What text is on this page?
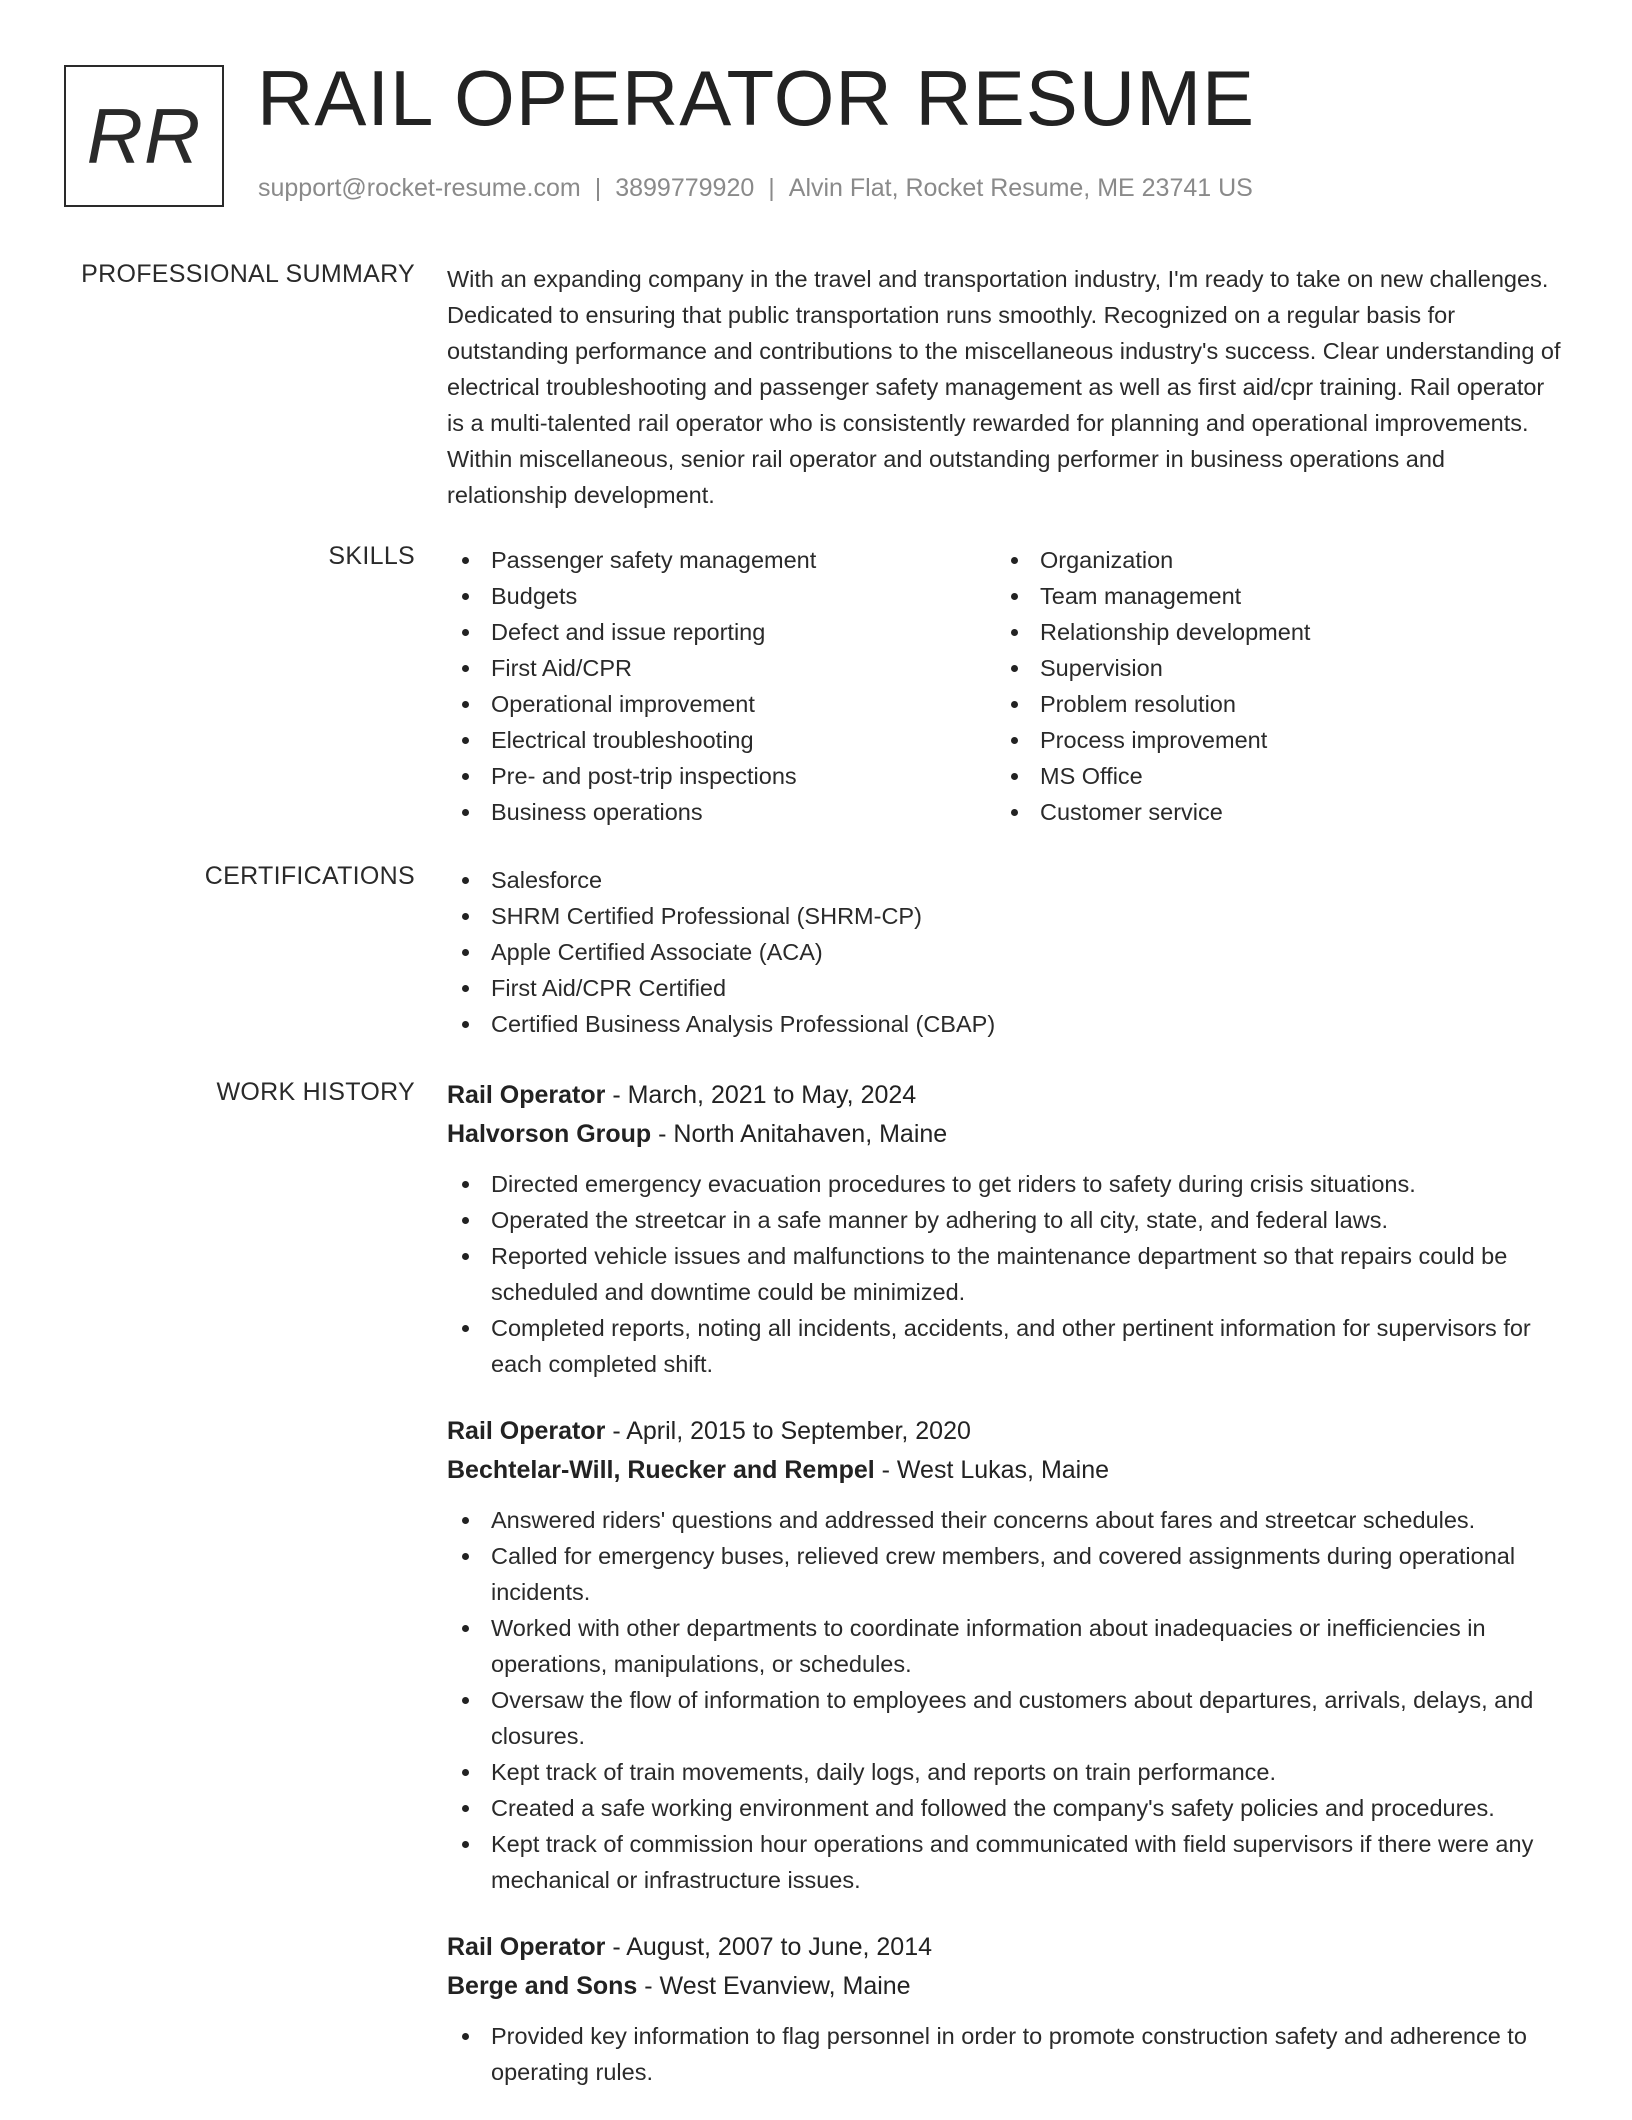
RR RAIL OPERATOR RESUME
support@rocket-resume.com | 3899779920 | Alvin Flat, Rocket Resume, ME 23741 US
PROFESSIONAL SUMMARY With an expanding company in the travel and transportation industry, I'm ready to take on new challenges. Dedicated to ensuring that public transportation runs smoothly. Recognized on a regular basis for outstanding performance and contributions to the miscellaneous industry's success. Clear understanding of electrical troubleshooting and passenger safety management as well as first aid/cpr training. Rail operator is a multi-talented rail operator who is consistently rewarded for planning and operational improvements. Within miscellaneous, senior rail operator and outstanding performer in business operations and relationship development.

SKILLS	Passenger safety management
Budgets
Defect and issue reporting
First Aid/CPR
Operational improvement
Electrical troubleshooting
Pre- and post-trip inspections
Business operations
Organization
Team management
Relationship development
Supervision
Problem resolution
Process improvement
MS Office
Customer service
CERTIFICATIONS	Salesforce
SHRM Certified Professional (SHRM-CP)
Apple Certified Associate (ACA)
First Aid/CPR Certified
Certified Business Analysis Professional (CBAP)
WORK HISTORY Rail Operator - March, 2021 to May, 2024
Halvorson Group - North Anitahaven, Maine
Directed emergency evacuation procedures to get riders to safety during crisis situations.
Operated the streetcar in a safe manner by adhering to all city, state, and federal laws.
Reported vehicle issues and malfunctions to the maintenance department so that repairs could be scheduled and downtime could be minimized.
Completed reports, noting all incidents, accidents, and other pertinent information for supervisors for each completed shift.
Rail Operator - April, 2015 to September, 2020
Bechtelar-Will, Ruecker and Rempel - West Lukas, Maine
Answered riders' questions and addressed their concerns about fares and streetcar schedules.
Called for emergency buses, relieved crew members, and covered assignments during operational incidents.
Worked with other departments to coordinate information about inadequacies or inefficiencies in operations, manipulations, or schedules.
Oversaw the flow of information to employees and customers about departures, arrivals, delays, and closures.
Kept track of train movements, daily logs, and reports on train performance.
Created a safe working environment and followed the company's safety policies and procedures.
Kept track of commission hour operations and communicated with field supervisors if there were any mechanical or infrastructure issues.
Rail Operator - August, 2007 to June, 2014
Berge and Sons - West Evanview, Maine
Provided key information to flag personnel in order to promote construction safety and adherence to operating rules.
